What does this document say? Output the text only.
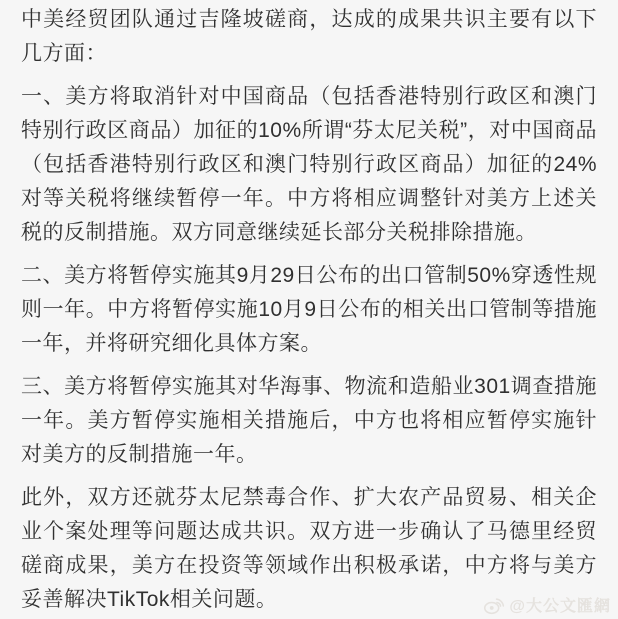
中美经贸团队通过吉隆坡磋商，达成的成果共识主要有以下几方面：

一、美方将取消针对中国商品（包括香港特别行政区和澳门特别行政区商品）加征的10%所谓“芬太尼关税”，对中国商品（包括香港特别行政区和澳门特别行政区商品）加征的24%对等关税将继续暂停一年。中方将相应调整针对美方上述关税的反制措施。双方同意继续延长部分关税排除措施。

二、美方将暂停实施其9月29日公布的出口管制50%穿透性规则一年。中方将暂停实施10月9日公布的相关出口管制等措施一年，并将研究细化具体方案。

三、美方将暂停实施其对华海事、物流和造船业301调查措施一年。美方暂停实施相关措施后，中方也将相应暂停实施针对美方的反制措施一年。

此外，双方还就芬太尼禁毒合作、扩大农产品贸易、相关企业个案处理等问题达成共识。双方进一步确认了马德里经贸磋商成果，美方在投资等领域作出积极承诺，中方将与美方妥善解决TikTok相关问题。	@大公文匯網
